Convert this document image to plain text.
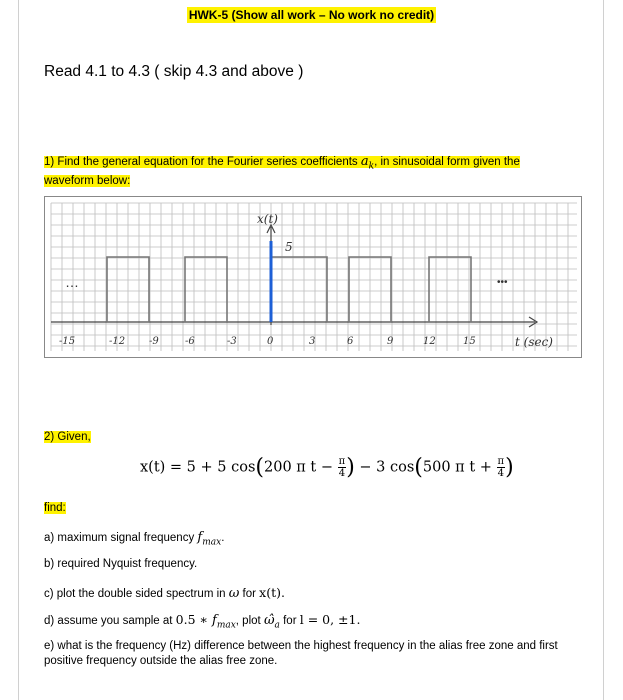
HWK-5 (Show all work – No work no credit)
Read 4.1 to 4.3 ( skip 4.3 and above )
1) Find the general equation for the Fourier series coefficients $a_k$, in sinusoidal form given the waveform below:
x(t)
5
t (sec)
…	•••
-15	-12 -9	-6	-3	0	3	6	9	12	15
2) Given,
x(t) = 5 + 5 cos(200 π $t - \frac{\pi}{4}$ ) − 3 cos(500 π $t + \frac{\pi}{4}$ )
find:
a) maximum signal frequency $f_{max}$.
b) required Nyquist frequency.
c) plot the double sided spectrum in ω for x(t).
d) assume you sample at 0.5 ∗ $f_{max}$, plot $\omegâ_a$ for l = 0, ±1.
e) what is the frequency (Hz) difference between the highest frequency in the alias free zone and first positive frequency outside the alias free zone.
